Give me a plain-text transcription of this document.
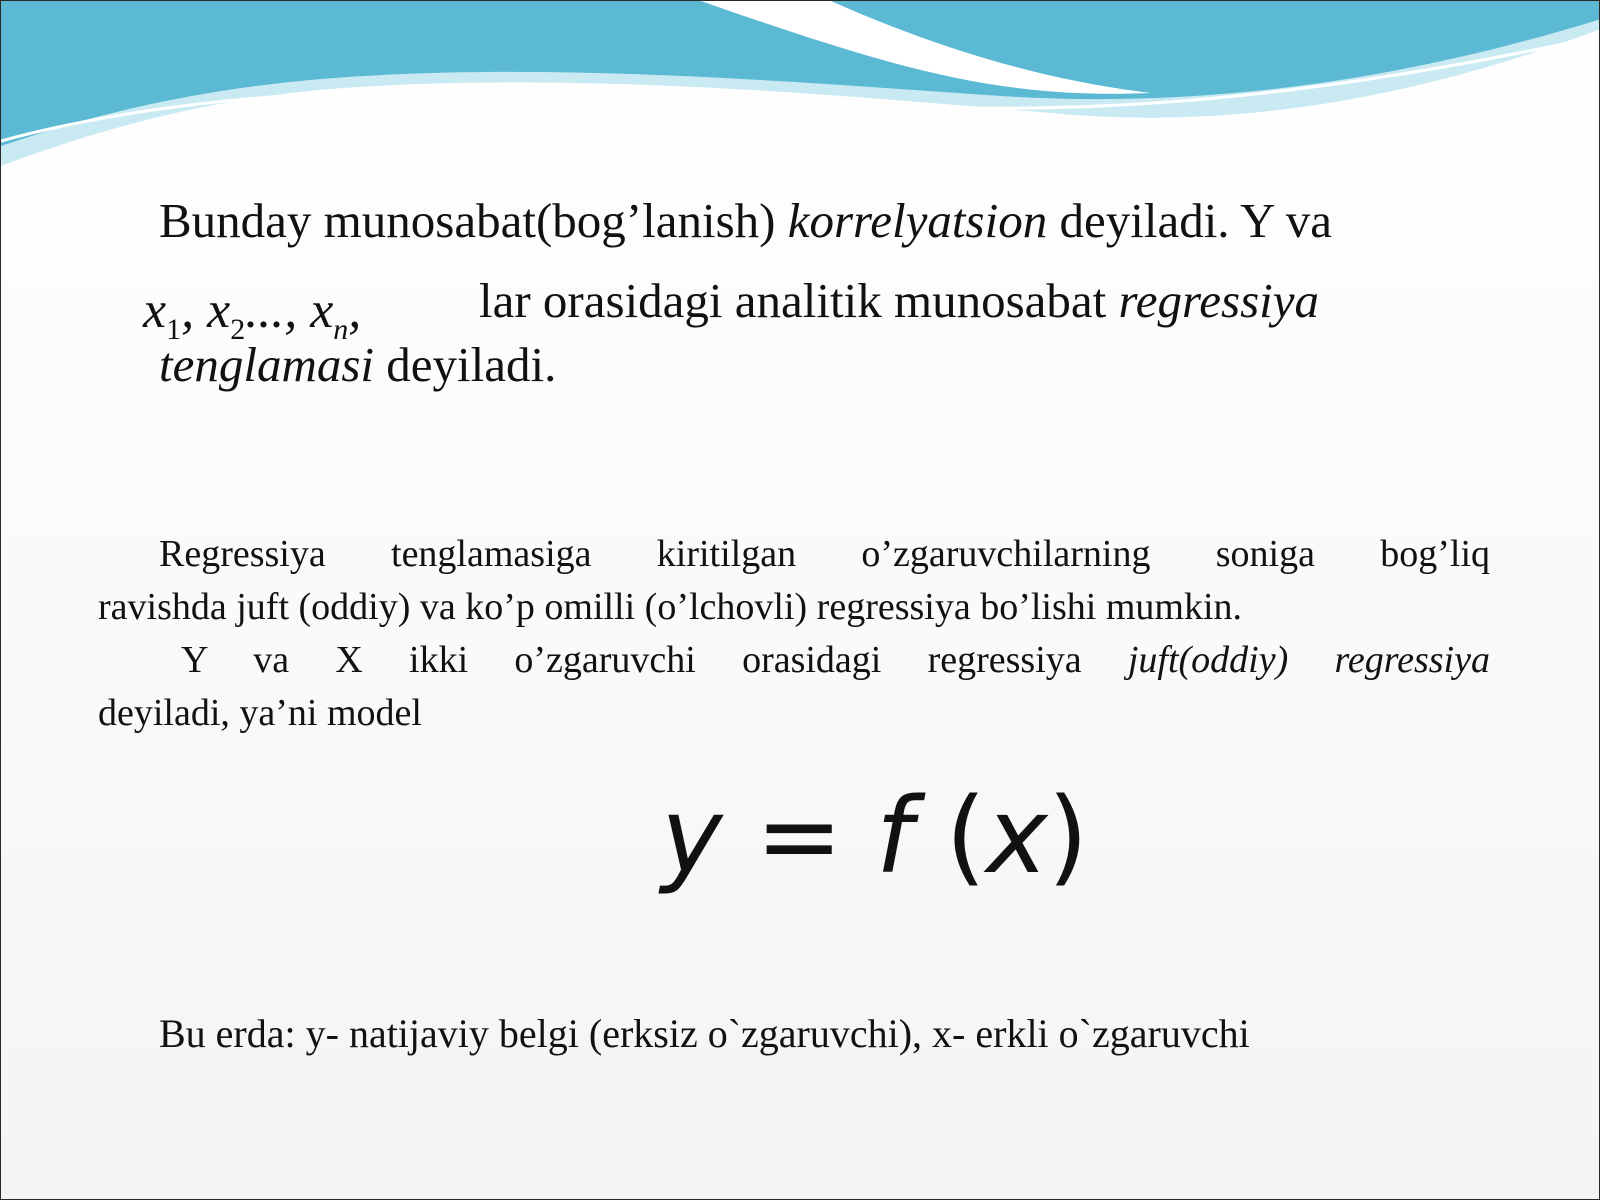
Bunday munosabat(bog’lanish) korrelyatsion deyiladi. Y va

$x_1$, $x_2$..., $x_n$, lar orasidagi analitik munosabat regressiya

tenglamasi deyiladi.

Regressiya tenglamasiga kiritilgan o’zgaruvchilarning soniga bog’liq

ravishda juft (oddiy) va ko’p omilli (o’lchovli) regressiya bo’lishi mumkin.

Y va X ikki o’zgaruvchi orasidagi regressiya juft(oddiy) regressiya

deyiladi, ya’ni model

y = f (x)

Bu erda: y- natijaviy belgi (erksiz o`zgaruvchi), x- erkli o`zgaruvchi
